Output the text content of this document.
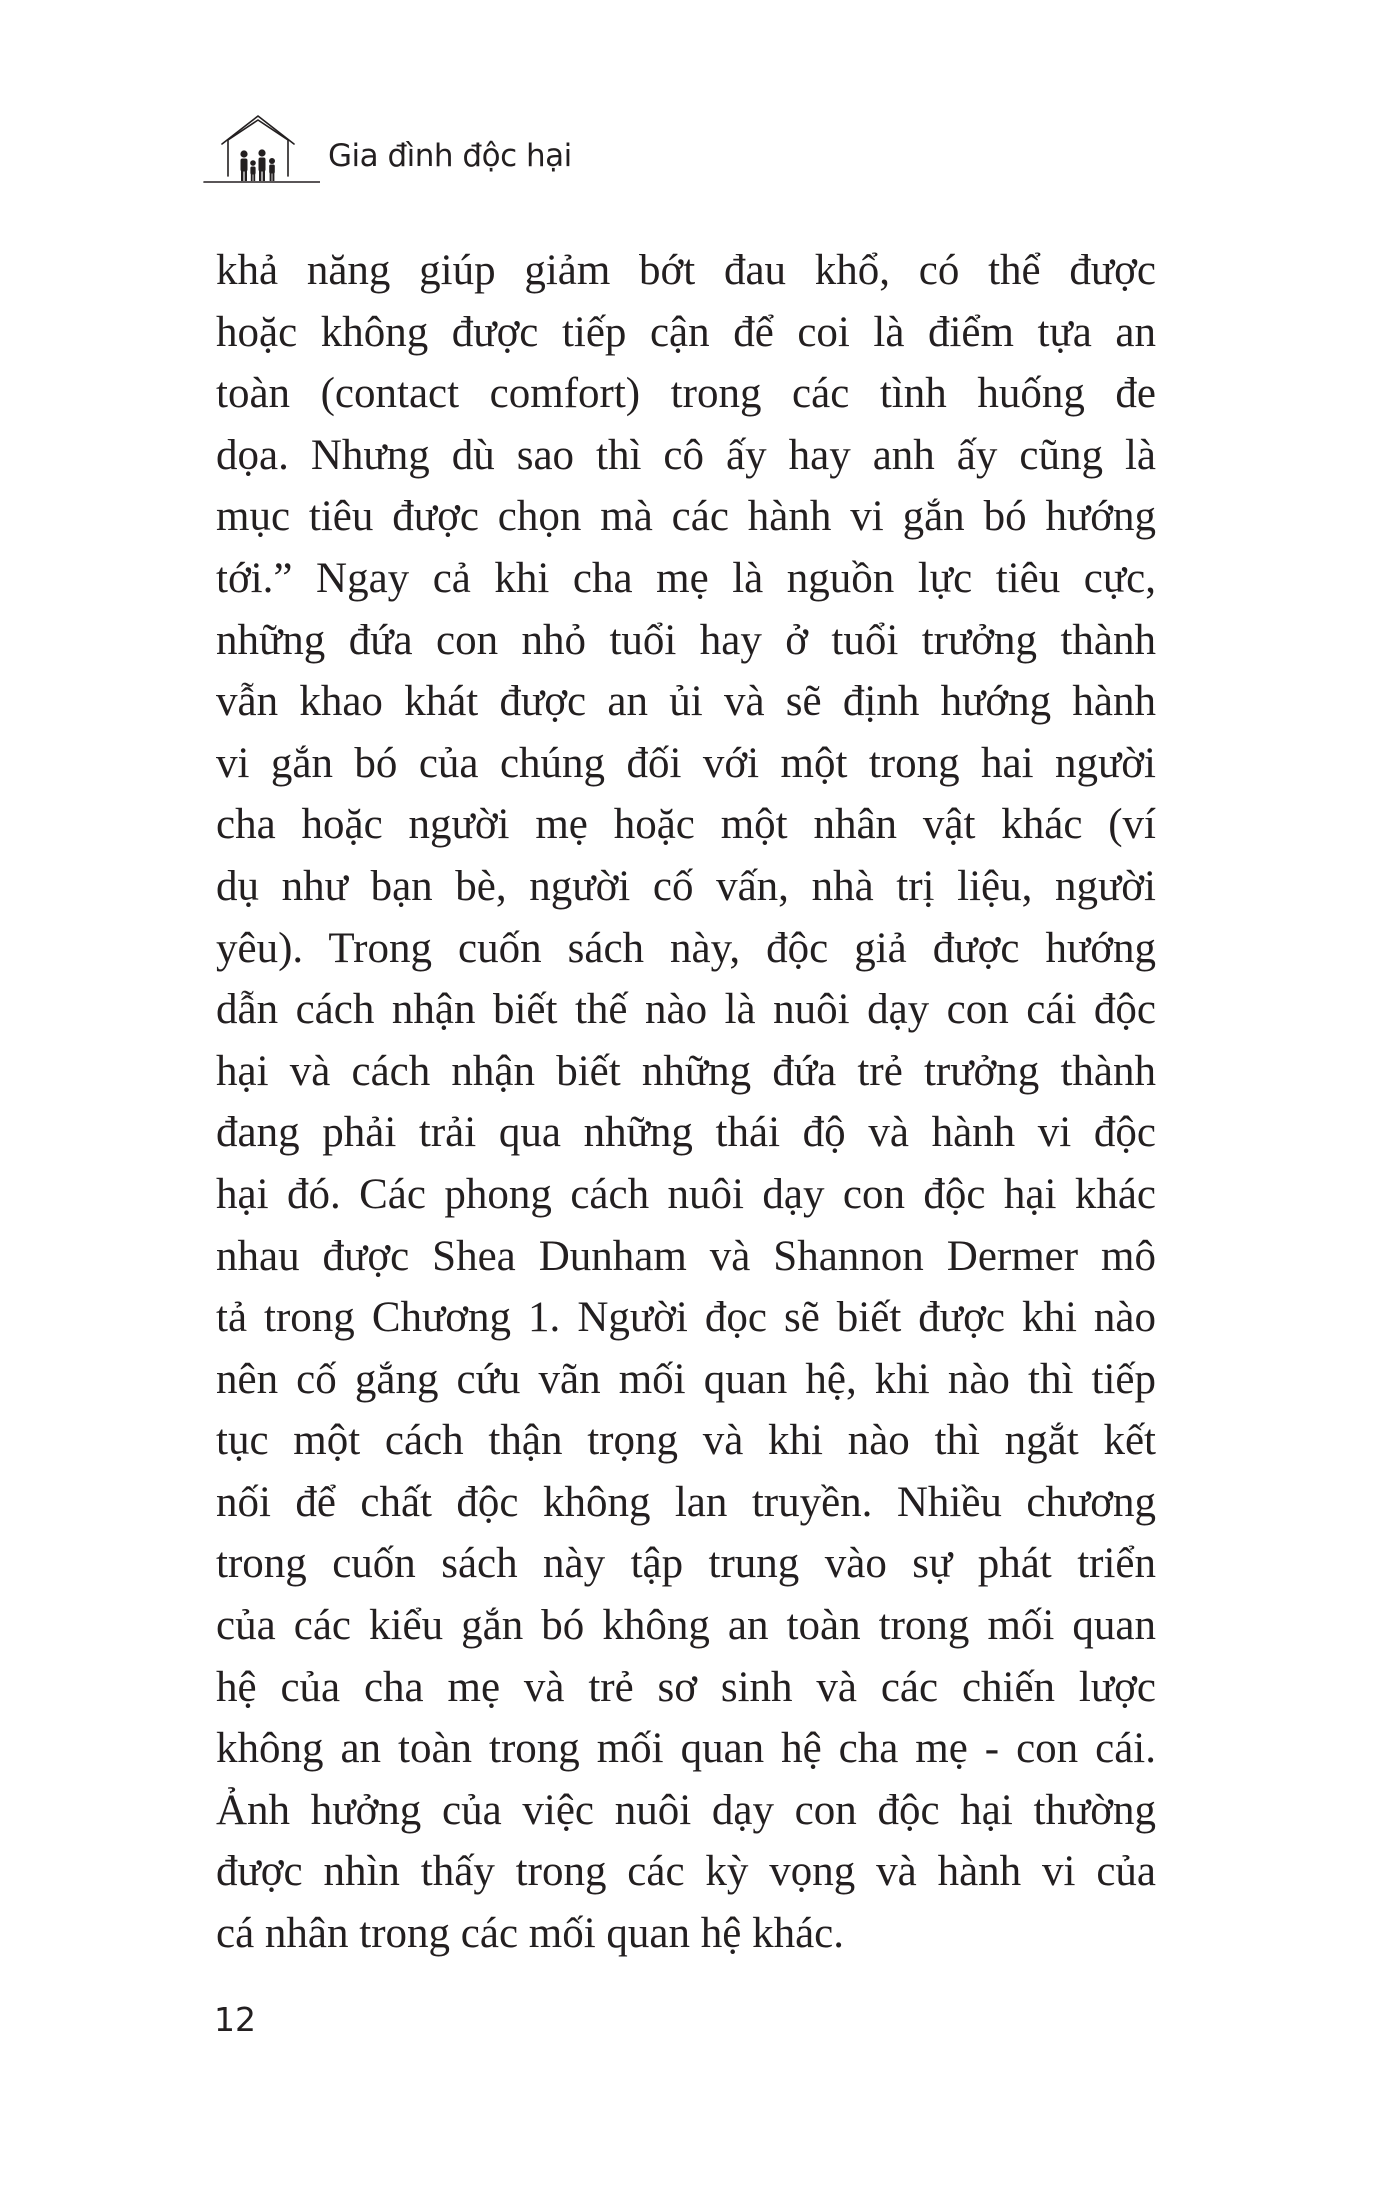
Gia đình độc hại
khả năng giúp giảm bớt đau khổ, có thể được
hoặc không được tiếp cận để coi là điểm tựa an
toàn (contact comfort) trong các tình huống đe
dọa. Nhưng dù sao thì cô ấy hay anh ấy cũng là
mục tiêu được chọn mà các hành vi gắn bó hướng
tới.” Ngay cả khi cha mẹ là nguồn lực tiêu cực,
những đứa con nhỏ tuổi hay ở tuổi trưởng thành
vẫn khao khát được an ủi và sẽ định hướng hành
vi gắn bó của chúng đối với một trong hai người
cha hoặc người mẹ hoặc một nhân vật khác (ví
dụ như bạn bè, người cố vấn, nhà trị liệu, người
yêu). Trong cuốn sách này, độc giả được hướng
dẫn cách nhận biết thế nào là nuôi dạy con cái độc
hại và cách nhận biết những đứa trẻ trưởng thành
đang phải trải qua những thái độ và hành vi độc
hại đó. Các phong cách nuôi dạy con độc hại khác
nhau được Shea Dunham và Shannon Dermer mô
tả trong Chương 1. Người đọc sẽ biết được khi nào
nên cố gắng cứu vãn mối quan hệ, khi nào thì tiếp
tục một cách thận trọng và khi nào thì ngắt kết
nối để chất độc không lan truyền. Nhiều chương
trong cuốn sách này tập trung vào sự phát triển
của các kiểu gắn bó không an toàn trong mối quan
hệ của cha mẹ và trẻ sơ sinh và các chiến lược
không an toàn trong mối quan hệ cha mẹ - con cái.
Ảnh hưởng của việc nuôi dạy con độc hại thường
được nhìn thấy trong các kỳ vọng và hành vi của
cá nhân trong các mối quan hệ khác.
12
